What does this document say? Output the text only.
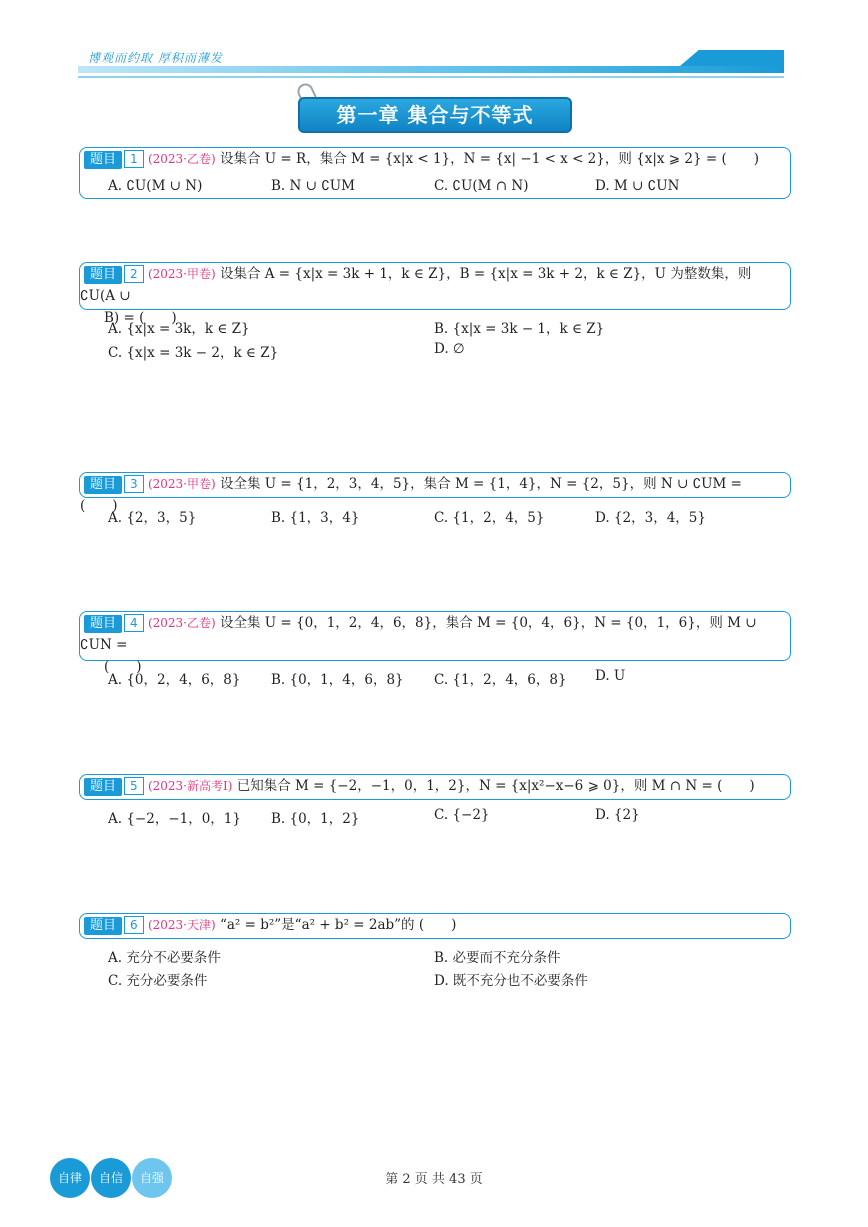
博观而约取 厚积而薄发
第一章 集合与不等式
题目 1 (2023·乙卷) 设集合 U = R，集合 M = {x|x < 1}，N = {x| −1 < x < 2}，则 {x|x ⩾ 2} = (　　)
A. ∁U(M ∪ N)	B. N ∪ ∁UM	C. ∁U(M ∩ N)	D. M ∪ ∁UN
题目 2 (2023·甲卷) 设集合 A = {x|x = 3k + 1，k ∈ Z}，B = {x|x = 3k + 2，k ∈ Z}，U 为整数集，则 ∁U(A ∪
B) = (　　)
A. {x|x = 3k，k ∈ Z}	B. {x|x = 3k − 1，k ∈ Z}
C. {x|x = 3k − 2，k ∈ Z}	D. ∅
题目 3 (2023·甲卷) 设全集 U = {1，2，3，4，5}，集合 M = {1，4}，N = {2，5}，则 N ∪ ∁UM = (　　)
A. {2，3，5}	B. {1，3，4}	C. {1，2，4，5}	D. {2，3，4，5}
题目 4 (2023·乙卷) 设全集 U = {0，1，2，4，6，8}，集合 M = {0，4，6}，N = {0，1，6}，则 M ∪ ∁UN =
(　　)
A. {0，2，4，6，8} B. {0，1，4，6，8} C. {1，2，4，6，8} D. U
题目 5 (2023·新高考Ⅰ) 已知集合 M = {−2，−1，0，1，2}，N = {x|x²−x−6 ⩾ 0}，则 M ∩ N = (　　)
A. {−2，−1，0，1} B. {0，1，2}	C. {−2}	D. {2}
题目 6 (2023·天津) “a² = b²”是“a² + b² = 2ab”的 (　　)
A. 充分不必要条件	B. 必要而不充分条件
C. 充分必要条件	D. 既不充分也不必要条件
自律	自信	自强	第 2 页 共 43 页
